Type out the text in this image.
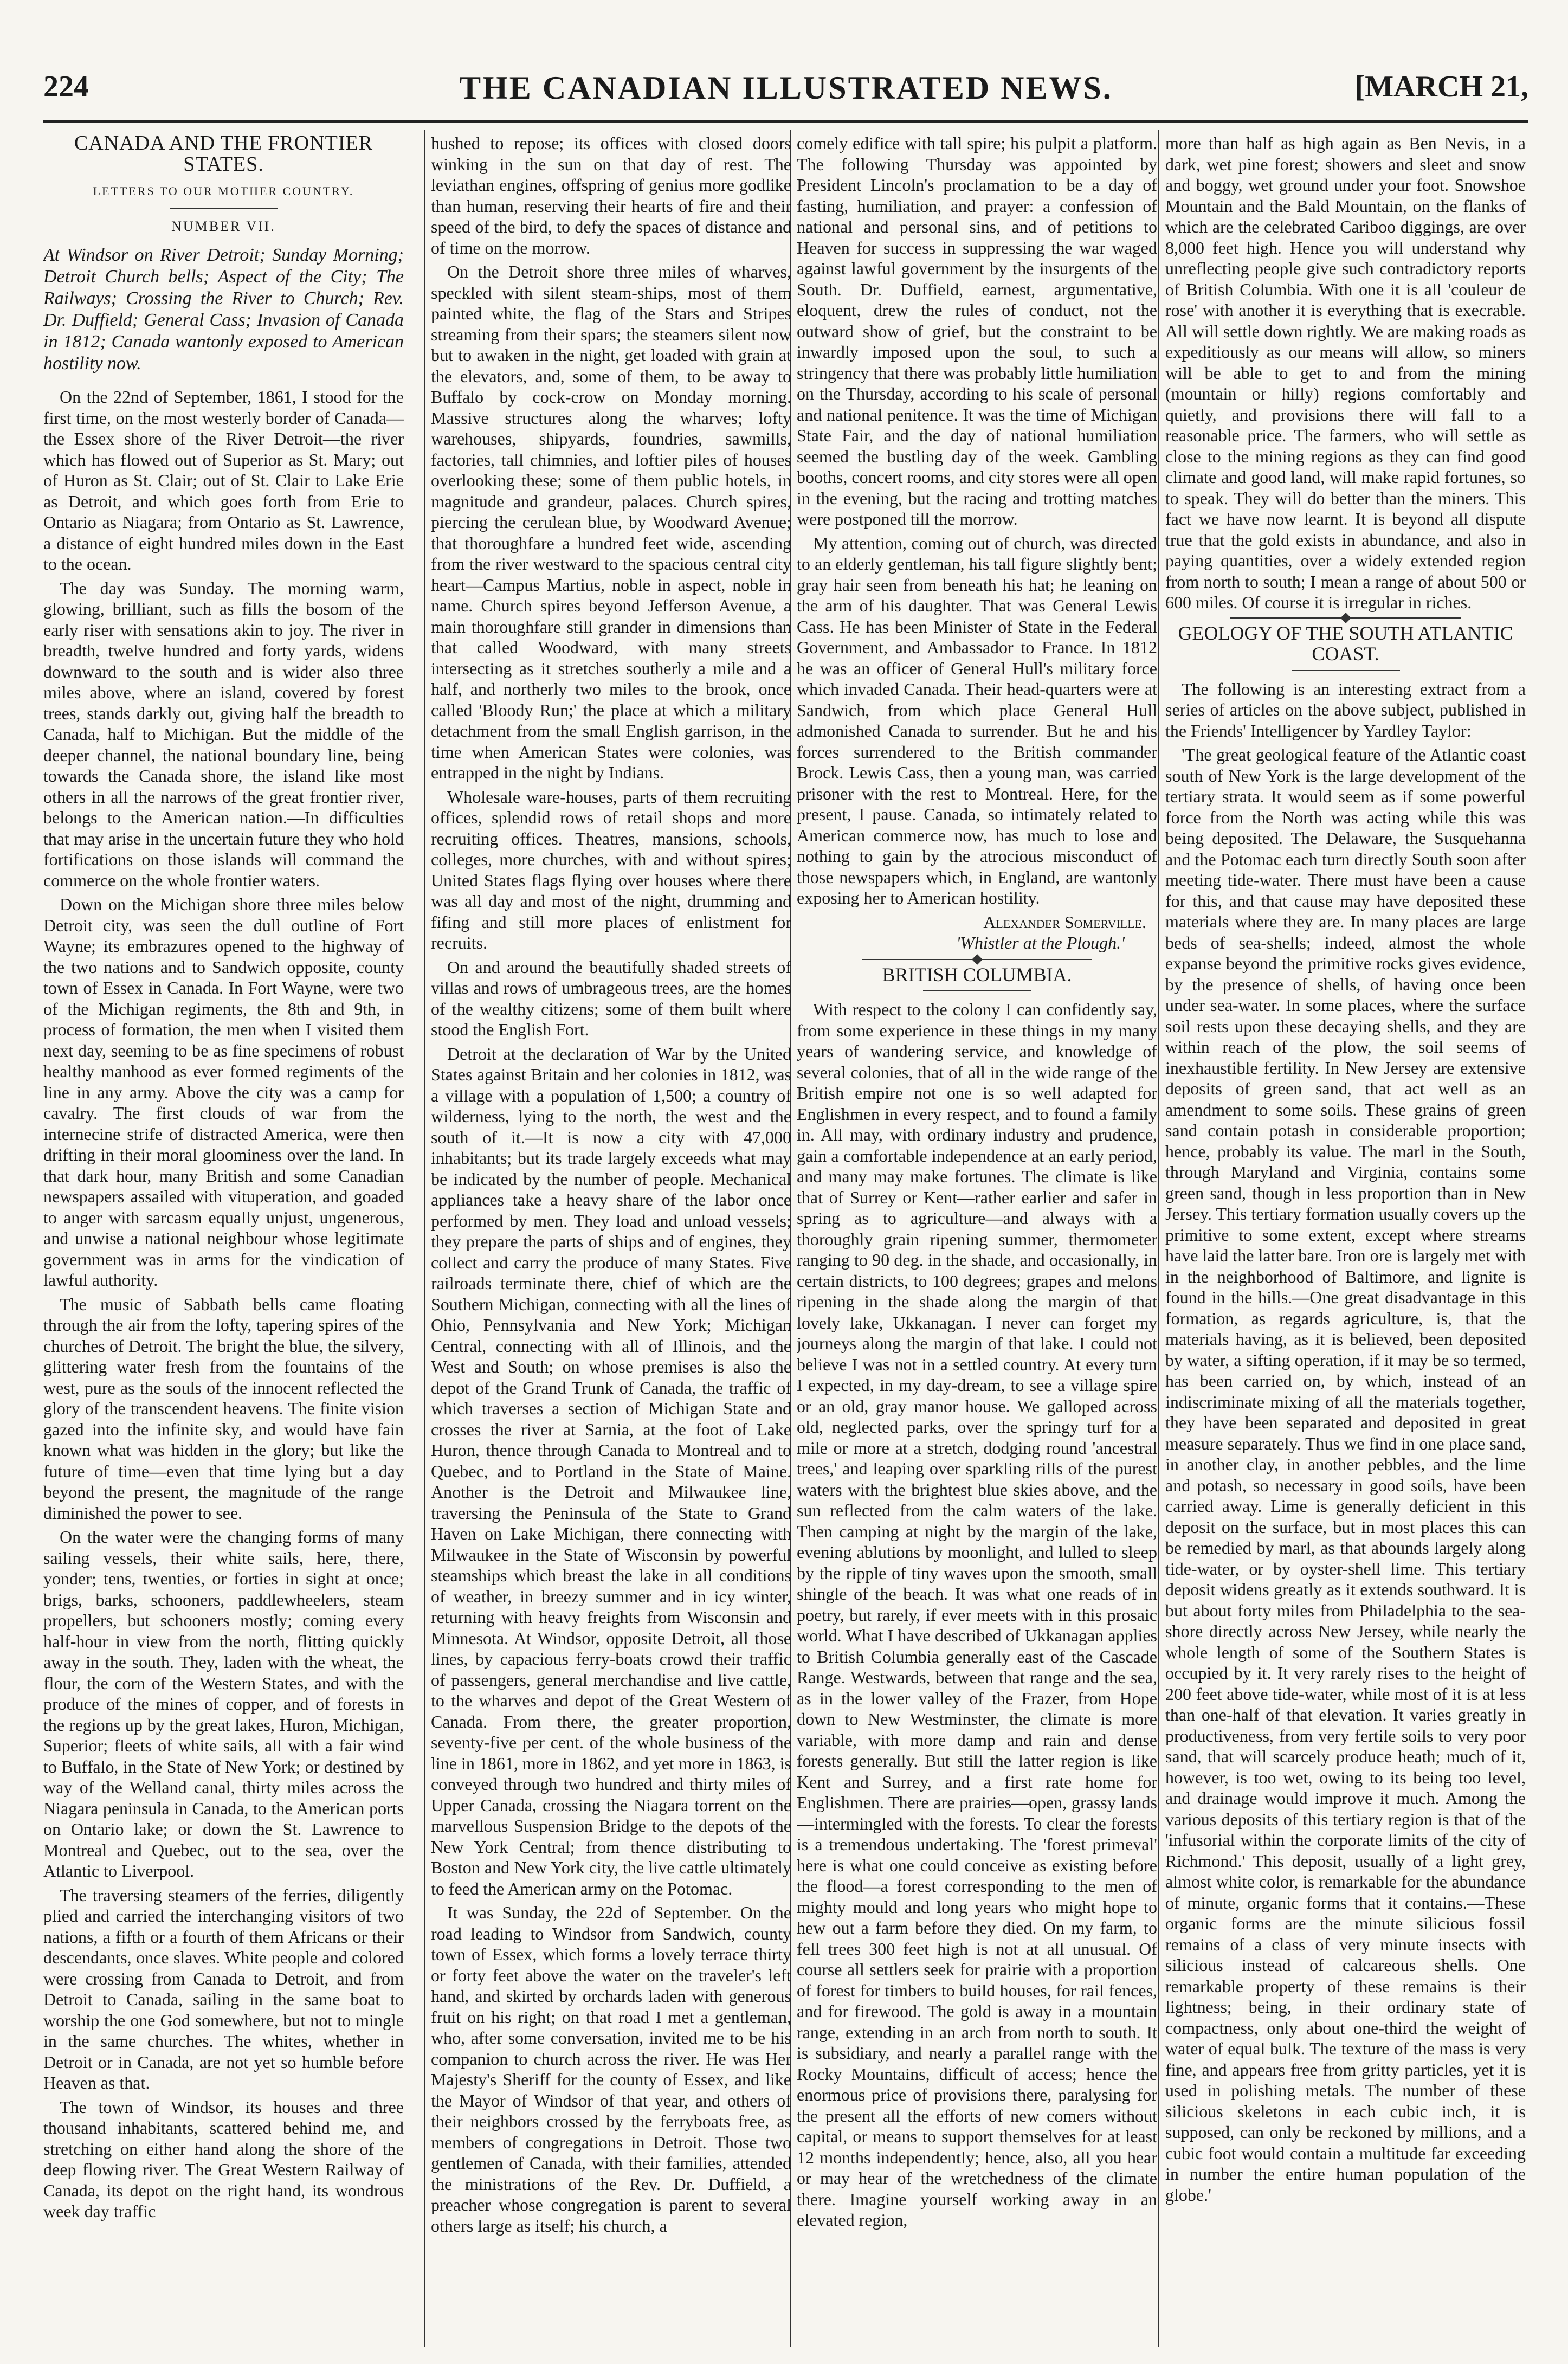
THE CANADIAN ILLUSTRATED NEWS.
224	[MARCH 21,
CANADA AND THE FRONTIER STATES.
LETTERS TO OUR MOTHER COUNTRY.
NUMBER VII.
At Windsor on River Detroit; Sunday Morning; Detroit Church bells; Aspect of the City; The Railways; Crossing the River to Church; Rev. Dr. Duffield; General Cass; Invasion of Canada in 1812; Canada wantonly exposed to American hostility now.

On the 22nd of September, 1861, I stood for the first time, on the most westerly border of Canada—the Essex shore of the River Detroit—the river which has flowed out of Superior as St. Mary; out of Huron as St. Clair; out of St. Clair to Lake Erie as Detroit, and which goes forth from Erie to Ontario as Niagara; from Ontario as St. Lawrence, a distance of eight hundred miles down in the East to the ocean.

The day was Sunday. The morning warm, glowing, brilliant, such as fills the bosom of the early riser with sensations akin to joy. The river in breadth, twelve hundred and forty yards, widens downward to the south and is wider also three miles above, where an island, covered by forest trees, stands darkly out, giving half the breadth to Canada, half to Michigan. But the middle of the deeper channel, the national boundary line, being towards the Canada shore, the island like most others in all the narrows of the great frontier river, belongs to the American nation.—In difficulties that may arise in the uncertain future they who hold fortifications on those islands will command the commerce on the whole frontier waters.

Down on the Michigan shore three miles below Detroit city, was seen the dull outline of Fort Wayne; its embrazures opened to the highway of the two nations and to Sandwich opposite, county town of Essex in Canada. In Fort Wayne, were two of the Michigan regiments, the 8th and 9th, in process of formation, the men when I visited them next day, seeming to be as fine specimens of robust healthy manhood as ever formed regiments of the line in any army. Above the city was a camp for cavalry. The first clouds of war from the internecine strife of distracted America, were then drifting in their moral gloominess over the land. In that dark hour, many British and some Canadian newspapers assailed with vituperation, and goaded to anger with sarcasm equally unjust, ungenerous, and unwise a national neighbour whose legitimate government was in arms for the vindication of lawful authority.

The music of Sabbath bells came floating through the air from the lofty, tapering spires of the churches of Detroit. The bright the blue, the silvery, glittering water fresh from the fountains of the west, pure as the souls of the innocent reflected the glory of the transcendent heavens. The finite vision gazed into the infinite sky, and would have fain known what was hidden in the glory; but like the future of time—even that time lying but a day beyond the present, the magnitude of the range diminished the power to see.

On the water were the changing forms of many sailing vessels, their white sails, here, there, yonder; tens, twenties, or forties in sight at once; brigs, barks, schooners, paddlewheelers, steam propellers, but schooners mostly; coming every half-hour in view from the north, flitting quickly away in the south. They, laden with the wheat, the flour, the corn of the Western States, and with the produce of the mines of copper, and of forests in the regions up by the great lakes, Huron, Michigan, Superior; fleets of white sails, all with a fair wind to Buffalo, in the State of New York; or destined by way of the Welland canal, thirty miles across the Niagara peninsula in Canada, to the American ports on Ontario lake; or down the St. Lawrence to Montreal and Quebec, out to the sea, over the Atlantic to Liverpool.

The traversing steamers of the ferries, diligently plied and carried the interchanging visitors of two nations, a fifth or a fourth of them Africans or their descendants, once slaves. White people and colored were crossing from Canada to Detroit, and from Detroit to Canada, sailing in the same boat to worship the one God somewhere, but not to mingle in the same churches. The whites, whether in Detroit or in Canada, are not yet so humble before Heaven as that.

The town of Windsor, its houses and three thousand inhabitants, scattered behind me, and stretching on either hand along the shore of the deep flowing river. The Great Western Railway of Canada, its depot on the right hand, its wondrous week day traffic

hushed to repose; its offices with closed doors winking in the sun on that day of rest. The leviathan engines, offspring of genius more godlike than human, reserving their hearts of fire and their speed of the bird, to defy the spaces of distance and of time on the morrow.

On the Detroit shore three miles of wharves, speckled with silent steam-ships, most of them painted white, the flag of the Stars and Stripes streaming from their spars; the steamers silent now but to awaken in the night, get loaded with grain at the elevators, and, some of them, to be away to Buffalo by cock-crow on Monday morning. Massive structures along the wharves; lofty warehouses, shipyards, foundries, sawmills, factories, tall chimnies, and loftier piles of houses overlooking these; some of them public hotels, in magnitude and grandeur, palaces. Church spires, piercing the cerulean blue, by Woodward Avenue; that thoroughfare a hundred feet wide, ascending from the river westward to the spacious central city heart—Campus Martius, noble in aspect, noble in name. Church spires beyond Jefferson Avenue, a main thoroughfare still grander in dimensions than that called Woodward, with many streets intersecting as it stretches southerly a mile and a half, and northerly two miles to the brook, once called 'Bloody Run;' the place at which a military detachment from the small English garrison, in the time when American States were colonies, was entrapped in the night by Indians.

Wholesale ware-houses, parts of them recruiting offices, splendid rows of retail shops and more recruiting offices. Theatres, mansions, schools, colleges, more churches, with and without spires; United States flags flying over houses where there was all day and most of the night, drumming and fifing and still more places of enlistment for recruits.

On and around the beautifully shaded streets of villas and rows of umbrageous trees, are the homes of the wealthy citizens; some of them built where stood the English Fort.

Detroit at the declaration of War by the United States against Britain and her colonies in 1812, was a village with a population of 1,500; a country of wilderness, lying to the north, the west and the south of it.—It is now a city with 47,000 inhabitants; but its trade largely exceeds what may be indicated by the number of people. Mechanical appliances take a heavy share of the labor once performed by men. They load and unload vessels; they prepare the parts of ships and of engines, they collect and carry the produce of many States. Five railroads terminate there, chief of which are the Southern Michigan, connecting with all the lines of Ohio, Pennsylvania and New York; Michigan Central, connecting with all of Illinois, and the West and South; on whose premises is also the depot of the Grand Trunk of Canada, the traffic of which traverses a section of Michigan State and crosses the river at Sarnia, at the foot of Lake Huron, thence through Canada to Montreal and to Quebec, and to Portland in the State of Maine. Another is the Detroit and Milwaukee line, traversing the Peninsula of the State to Grand Haven on Lake Michigan, there connecting with Milwaukee in the State of Wisconsin by powerful steamships which breast the lake in all conditions of weather, in breezy summer and in icy winter, returning with heavy freights from Wisconsin and Minnesota. At Windsor, opposite Detroit, all those lines, by capacious ferry-boats crowd their traffic of passengers, general merchandise and live cattle, to the wharves and depot of the Great Western of Canada. From there, the greater proportion, seventy-five per cent. of the whole business of the line in 1861, more in 1862, and yet more in 1863, is conveyed through two hundred and thirty miles of Upper Canada, crossing the Niagara torrent on the marvellous Suspension Bridge to the depots of the New York Central; from thence distributing to Boston and New York city, the live cattle ultimately to feed the American army on the Potomac.

It was Sunday, the 22d of September. On the road leading to Windsor from Sandwich, county town of Essex, which forms a lovely terrace thirty or forty feet above the water on the traveler's left hand, and skirted by orchards laden with generous fruit on his right; on that road I met a gentleman, who, after some conversation, invited me to be his companion to church across the river. He was Her Majesty's Sheriff for the county of Essex, and like the Mayor of Windsor of that year, and others of their neighbors crossed by the ferryboats free, as members of congregations in Detroit. Those two gentlemen of Canada, with their families, attended the ministrations of the Rev. Dr. Duffield, a preacher whose congregation is parent to several others large as itself; his church, a

comely edifice with tall spire; his pulpit a platform. The following Thursday was appointed by President Lincoln's proclamation to be a day of fasting, humiliation, and prayer: a confession of national and personal sins, and of petitions to Heaven for success in suppressing the war waged against lawful government by the insurgents of the South. Dr. Duffield, earnest, argumentative, eloquent, drew the rules of conduct, not the outward show of grief, but the constraint to be inwardly imposed upon the soul, to such a stringency that there was probably little humiliation on the Thursday, according to his scale of personal and national penitence. It was the time of Michigan State Fair, and the day of national humiliation seemed the bustling day of the week. Gambling booths, concert rooms, and city stores were all open in the evening, but the racing and trotting matches were postponed till the morrow.

My attention, coming out of church, was directed to an elderly gentleman, his tall figure slightly bent; gray hair seen from beneath his hat; he leaning on the arm of his daughter. That was General Lewis Cass. He has been Minister of State in the Federal Government, and Ambassador to France. In 1812 he was an officer of General Hull's military force which invaded Canada. Their head-quarters were at Sandwich, from which place General Hull admonished Canada to surrender. But he and his forces surrendered to the British commander Brock. Lewis Cass, then a young man, was carried prisoner with the rest to Montreal. Here, for the present, I pause. Canada, so intimately related to American commerce now, has much to lose and nothing to gain by the atrocious misconduct of those newspapers which, in England, are wantonly exposing her to American hostility.

Alexander Somerville.
'Whistler at the Plough.'
BRITISH COLUMBIA.

With respect to the colony I can confidently say, from some experience in these things in my many years of wandering service, and knowledge of several colonies, that of all in the wide range of the British empire not one is so well adapted for Englishmen in every respect, and to found a family in. All may, with ordinary industry and prudence, gain a comfortable independence at an early period, and many may make fortunes. The climate is like that of Surrey or Kent—rather earlier and safer in spring as to agriculture—and always with a thoroughly grain ripening summer, thermometer ranging to 90 deg. in the shade, and occasionally, in certain districts, to 100 degrees; grapes and melons ripening in the shade along the margin of that lovely lake, Ukkanagan. I never can forget my journeys along the margin of that lake. I could not believe I was not in a settled country. At every turn I expected, in my day-dream, to see a village spire or an old, gray manor house. We galloped across old, neglected parks, over the springy turf for a mile or more at a stretch, dodging round 'ancestral trees,' and leaping over sparkling rills of the purest waters with the brightest blue skies above, and the sun reflected from the calm waters of the lake. Then camping at night by the margin of the lake, evening ablutions by moonlight, and lulled to sleep by the ripple of tiny waves upon the smooth, small shingle of the beach. It was what one reads of in poetry, but rarely, if ever meets with in this prosaic world. What I have described of Ukkanagan applies to British Columbia generally east of the Cascade Range. Westwards, between that range and the sea, as in the lower valley of the Frazer, from Hope down to New Westminster, the climate is more variable, with more damp and rain and dense forests generally. But still the latter region is like Kent and Surrey, and a first rate home for Englishmen. There are prairies—open, grassy lands—intermingled with the forests. To clear the forests is a tremendous undertaking. The 'forest primeval' here is what one could conceive as existing before the flood—a forest corresponding to the men of mighty mould and long years who might hope to hew out a farm before they died. On my farm, to fell trees 300 feet high is not at all unusual. Of course all settlers seek for prairie with a proportion of forest for timbers to build houses, for rail fences, and for firewood. The gold is away in a mountain range, extending in an arch from north to south. It is subsidiary, and nearly a parallel range with the Rocky Mountains, difficult of access; hence the enormous price of provisions there, paralysing for the present all the efforts of new comers without capital, or means to support themselves for at least 12 months independently; hence, also, all you hear or may hear of the wretchedness of the climate there. Imagine yourself working away in an elevated region,

more than half as high again as Ben Nevis, in a dark, wet pine forest; showers and sleet and snow and boggy, wet ground under your foot. Snowshoe Mountain and the Bald Mountain, on the flanks of which are the celebrated Cariboo diggings, are over 8,000 feet high. Hence you will understand why unreflecting people give such contradictory reports of British Columbia. With one it is all 'couleur de rose' with another it is everything that is execrable. All will settle down rightly. We are making roads as expeditiously as our means will allow, so miners will be able to get to and from the mining (mountain or hilly) regions comfortably and quietly, and provisions there will fall to a reasonable price. The farmers, who will settle as close to the mining regions as they can find good climate and good land, will make rapid fortunes, so to speak. They will do better than the miners. This fact we have now learnt. It is beyond all dispute true that the gold exists in abundance, and also in paying quantities, over a widely extended region from north to south; I mean a range of about 500 or 600 miles. Of course it is irregular in riches.

GEOLOGY OF THE SOUTH ATLANTIC COAST.

The following is an interesting extract from a series of articles on the above subject, published in the Friends' Intelligencer by Yardley Taylor:

'The great geological feature of the Atlantic coast south of New York is the large development of the tertiary strata. It would seem as if some powerful force from the North was acting while this was being deposited. The Delaware, the Susquehanna and the Potomac each turn directly South soon after meeting tide-water. There must have been a cause for this, and that cause may have deposited these materials where they are. In many places are large beds of sea-shells; indeed, almost the whole expanse beyond the primitive rocks gives evidence, by the presence of shells, of having once been under sea-water. In some places, where the surface soil rests upon these decaying shells, and they are within reach of the plow, the soil seems of inexhaustible fertility. In New Jersey are extensive deposits of green sand, that act well as an amendment to some soils. These grains of green sand contain potash in considerable proportion; hence, probably its value. The marl in the South, through Maryland and Virginia, contains some green sand, though in less proportion than in New Jersey. This tertiary formation usually covers up the primitive to some extent, except where streams have laid the latter bare. Iron ore is largely met with in the neighborhood of Baltimore, and lignite is found in the hills.—One great disadvantage in this formation, as regards agriculture, is, that the materials having, as it is believed, been deposited by water, a sifting operation, if it may be so termed, has been carried on, by which, instead of an indiscriminate mixing of all the materials together, they have been separated and deposited in great measure separately. Thus we find in one place sand, in another clay, in another pebbles, and the lime and potash, so necessary in good soils, have been carried away. Lime is generally deficient in this deposit on the surface, but in most places this can be remedied by marl, as that abounds largely along tide-water, or by oyster-shell lime. This tertiary deposit widens greatly as it extends southward. It is but about forty miles from Philadelphia to the sea-shore directly across New Jersey, while nearly the whole length of some of the Southern States is occupied by it. It very rarely rises to the height of 200 feet above tide-water, while most of it is at less than one-half of that elevation. It varies greatly in productiveness, from very fertile soils to very poor sand, that will scarcely produce heath; much of it, however, is too wet, owing to its being too level, and drainage would improve it much. Among the various deposits of this tertiary region is that of the 'infusorial within the corporate limits of the city of Richmond.' This deposit, usually of a light grey, almost white color, is remarkable for the abundance of minute, organic forms that it contains.—These organic forms are the minute silicious fossil remains of a class of very minute insects with silicious instead of calcareous shells. One remarkable property of these remains is their lightness; being, in their ordinary state of compactness, only about one-third the weight of water of equal bulk. The texture of the mass is very fine, and appears free from gritty particles, yet it is used in polishing metals. The number of these silicious skeletons in each cubic inch, it is supposed, can only be reckoned by millions, and a cubic foot would contain a multitude far exceeding in number the entire human population of the globe.'
